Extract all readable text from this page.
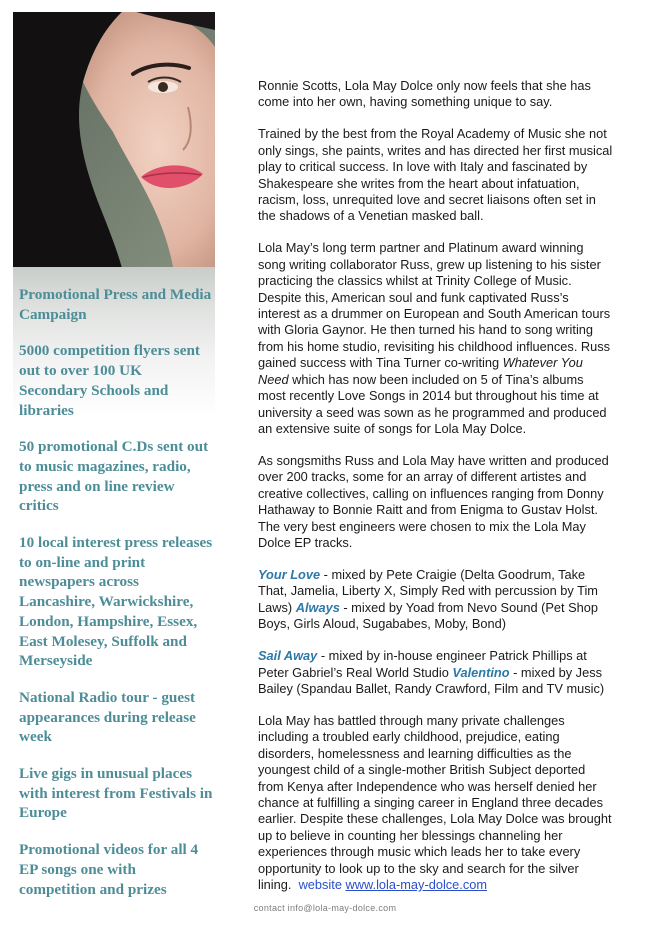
Promotional Press and Media Campaign
5000 competition flyers sent out to over 100 UK Secondary Schools and libraries
50 promotional C.Ds sent out to music magazines, radio, press and on line review critics
10 local interest press releases to on-line and print newspapers across Lancashire, Warwickshire, London, Hampshire, Essex, East Molesey, Suffolk and Merseyside
National Radio tour - guest appearances during release week
Live gigs in unusual places with interest from Festivals in Europe
Promotional videos for all 4 EP songs one with competition and prizes

Ronnie Scotts, Lola May Dolce only now feels that she has come into her own, having something unique to say.

Trained by the best from the Royal Academy of Music she not only sings, she paints, writes and has directed her first musical play to critical success. In love with Italy and fascinated by Shakespeare she writes from the heart about infatuation, racism, loss, unrequited love and secret liaisons often set in the shadows of a Venetian masked ball.

Lola May’s long term partner and Platinum award winning song writing collaborator Russ, grew up listening to his sister practicing the classics whilst at Trinity College of Music. Despite this, American soul and funk captivated Russ’s interest as a drummer on European and South American tours with Gloria Gaynor. He then turned his hand to song writing from his home studio, revisiting his childhood influences. Russ gained success with Tina Turner co-writing Whatever You Need which has now been included on 5 of Tina’s albums most recently Love Songs in 2014 but throughout his time at university a seed was sown as he programmed and produced an extensive suite of songs for Lola May Dolce.

As songsmiths Russ and Lola May have written and produced over 200 tracks, some for an array of different artistes and creative collectives, calling on influences ranging from Donny Hathaway to Bonnie Raitt and from Enigma to Gustav Holst. The very best engineers were chosen to mix the Lola May Dolce EP tracks.

Your Love - mixed by Pete Craigie (Delta Goodrum, Take That, Jamelia, Liberty X, Simply Red with percussion by Tim Laws) Always - mixed by Yoad from Nevo Sound (Pet Shop Boys, Girls Aloud, Sugababes, Moby, Bond)

Sail Away - mixed by in-house engineer Patrick Phillips at Peter Gabriel’s Real World Studio Valentino - mixed by Jess Bailey (Spandau Ballet, Randy Crawford, Film and TV music)

Lola May has battled through many private challenges including a troubled early childhood, prejudice, eating disorders, homelessness and learning difficulties as the youngest child of a single-mother British Subject deported from Kenya after Independence who was herself denied her chance at fulfilling a singing career in England three decades earlier. Despite these challenges, Lola May Dolce was brought up to believe in counting her blessings channeling her experiences through music which leads her to take every opportunity to look up to the sky and search for the silver lining. website www.lola-may-dolce.com

contact info@lola-may-dolce.com
